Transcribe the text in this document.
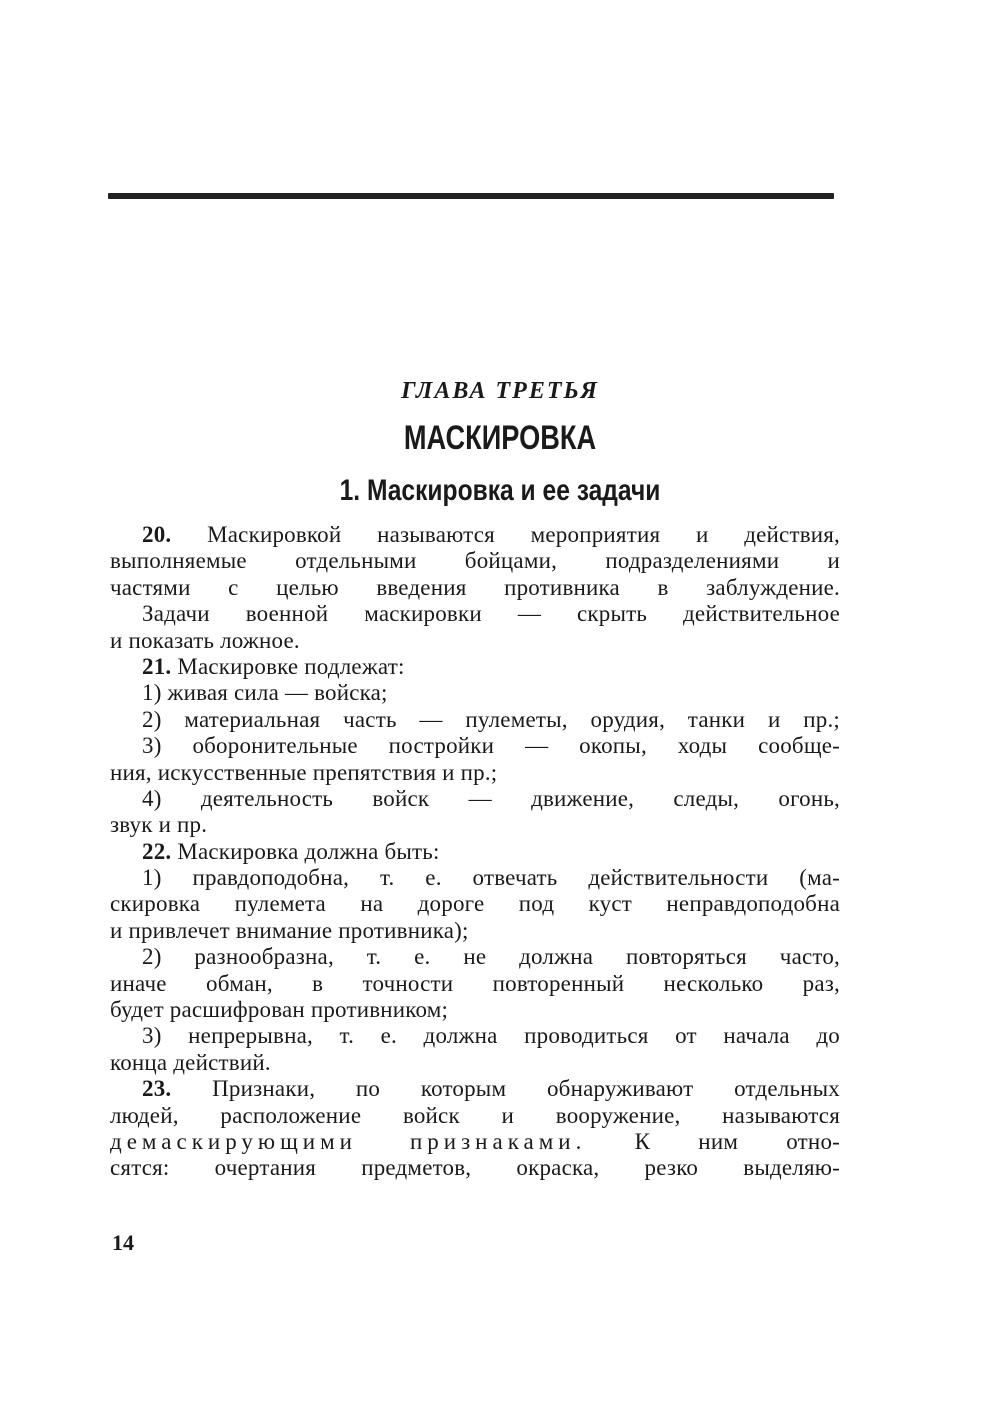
ГЛАВА ТРЕТЬЯ
МАСКИРОВКА
1. Маскировка и ее задачи
20. Маскировкой называются мероприятия и действия,
выполняемые отдельными бойцами, подразделениями и
частями с целью введения противника в заблуждение.
Задачи военной маскировки — скрыть действительное
и показать ложное.
21. Маскировке подлежат:
1) живая сила — войска;
2) материальная часть — пулеметы, орудия, танки и пр.;
3) оборонительные постройки — окопы, ходы сообще-
ния, искусственные препятствия и пр.;
4) деятельность войск — движение, следы, огонь,
звук и пр.
22. Маскировка должна быть:
1) правдоподобна, т. е. отвечать действительности (ма-
скировка пулемета на дороге под куст неправдоподобна
и привлечет внимание противника);
2) разнообразна, т. е. не должна повторяться часто,
иначе обман, в точности повторенный несколько раз,
будет расшифрован противником;
3) непрерывна, т. е. должна проводиться от начала до
конца действий.
23. Признаки, по которым обнаруживают отдельных
людей, расположение войск и вооружение, называются
демаскирующими признаками. К ним отно-
сятся: очертания предметов, окраска, резко выделяю-
14
